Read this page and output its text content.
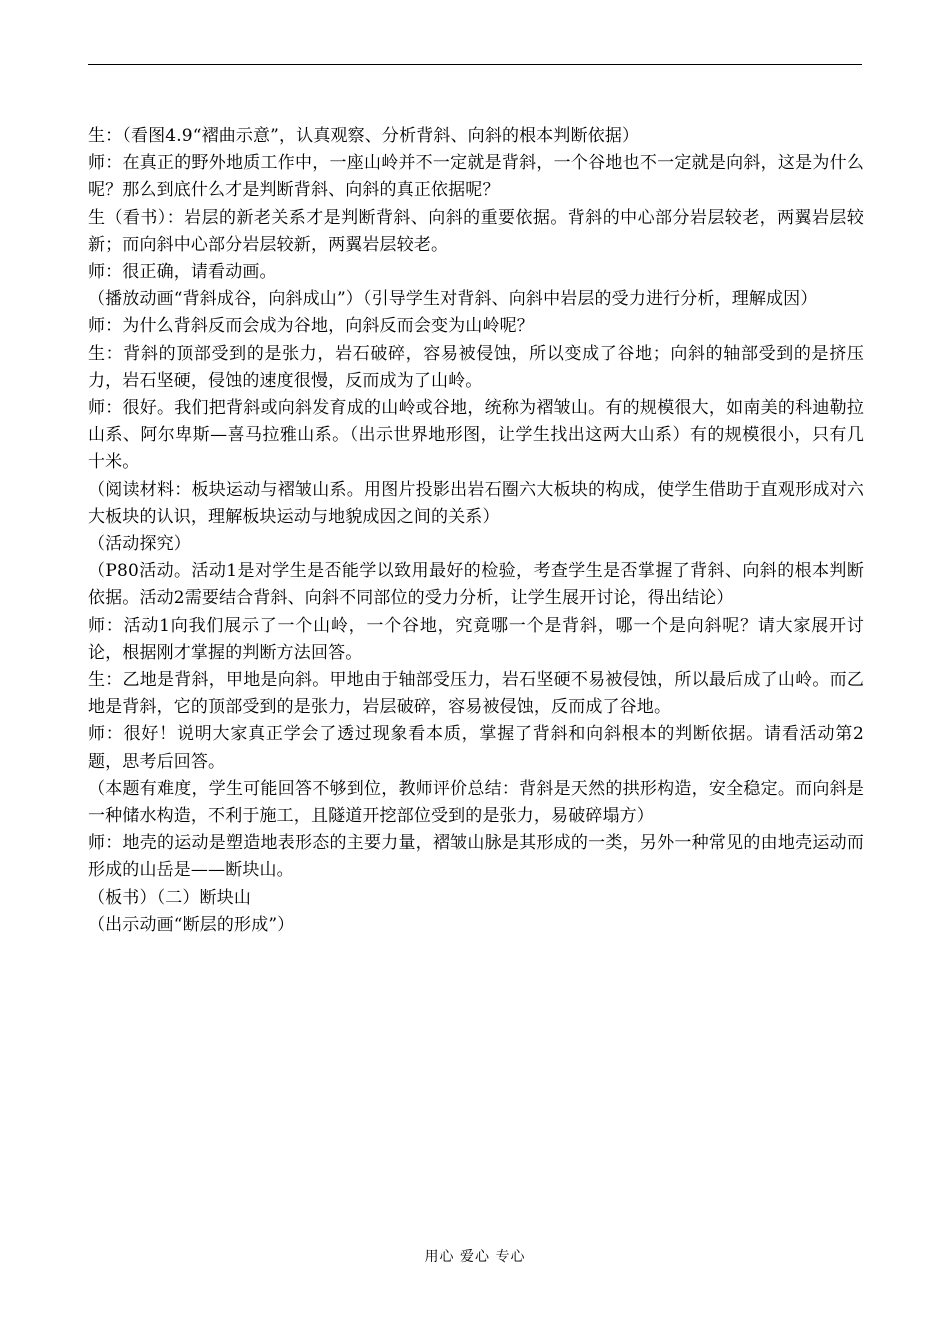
生：（看图4.9“褶曲示意”，认真观察、分析背斜、向斜的根本判断依据）

师：在真正的野外地质工作中，一座山岭并不一定就是背斜，一个谷地也不一定就是向斜，这是为什么呢？那么到底什么才是判断背斜、向斜的真正依据呢？

生（看书）：岩层的新老关系才是判断背斜、向斜的重要依据。背斜的中心部分岩层较老，两翼岩层较新；而向斜中心部分岩层较新，两翼岩层较老。

师：很正确，请看动画。

（播放动画“背斜成谷，向斜成山”）（引导学生对背斜、向斜中岩层的受力进行分析，理解成因）

师：为什么背斜反而会成为谷地，向斜反而会变为山岭呢？

生：背斜的顶部受到的是张力，岩石破碎，容易被侵蚀，所以变成了谷地；向斜的轴部受到的是挤压力，岩石坚硬，侵蚀的速度很慢，反而成为了山岭。

师：很好。我们把背斜或向斜发育成的山岭或谷地，统称为褶皱山。有的规模很大，如南美的科迪勒拉山系、阿尔卑斯—喜马拉雅山系。（出示世界地形图，让学生找出这两大山系）有的规模很小，只有几十米。

（阅读材料：板块运动与褶皱山系。用图片投影出岩石圈六大板块的构成，使学生借助于直观形成对六大板块的认识，理解板块运动与地貌成因之间的关系）

（活动探究）

（P80活动。活动1是对学生是否能学以致用最好的检验，考查学生是否掌握了背斜、向斜的根本判断依据。活动2需要结合背斜、向斜不同部位的受力分析，让学生展开讨论，得出结论）

师：活动1向我们展示了一个山岭，一个谷地，究竟哪一个是背斜，哪一个是向斜呢？请大家展开讨论，根据刚才掌握的判断方法回答。

生：乙地是背斜，甲地是向斜。甲地由于轴部受压力，岩石坚硬不易被侵蚀，所以最后成了山岭。而乙地是背斜，它的顶部受到的是张力，岩层破碎，容易被侵蚀，反而成了谷地。

师：很好！说明大家真正学会了透过现象看本质，掌握了背斜和向斜根本的判断依据。请看活动第2题，思考后回答。

（本题有难度，学生可能回答不够到位，教师评价总结：背斜是天然的拱形构造，安全稳定。而向斜是一种储水构造，不利于施工，且隧道开挖部位受到的是张力，易破碎塌方）

师：地壳的运动是塑造地表形态的主要力量，褶皱山脉是其形成的一类，另外一种常见的由地壳运动而形成的山岳是——断块山。

（板书）（二）断块山

（出示动画“断层的形成”）

用心 爱心 专心
